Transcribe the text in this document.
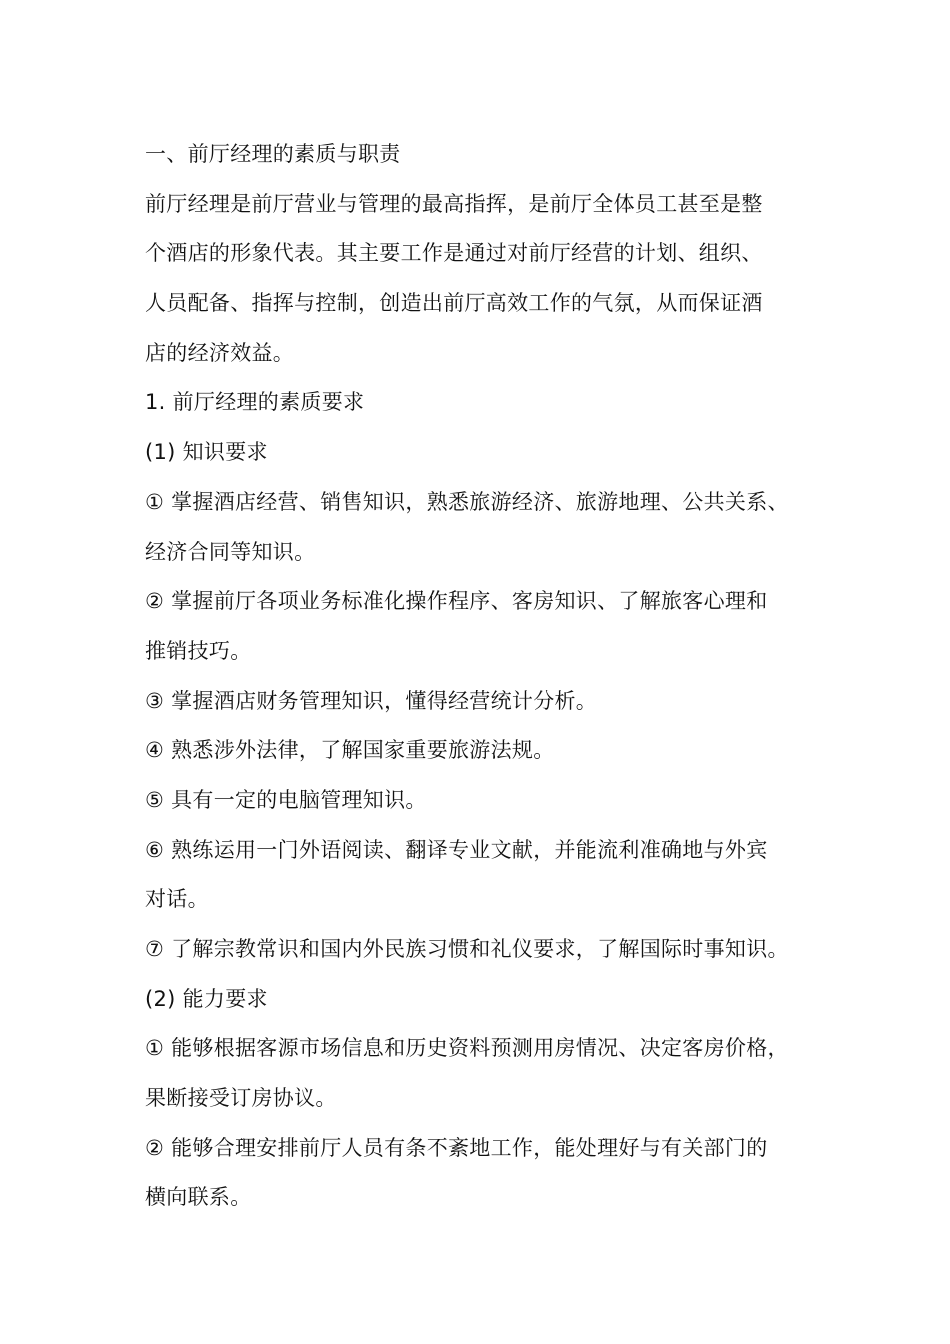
一、前厅经理的素质与职责
前厅经理是前厅营业与管理的最高指挥，是前厅全体员工甚至是整
个酒店的形象代表。其主要工作是通过对前厅经营的计划、组织、
人员配备、指挥与控制，创造出前厅高效工作的气氛，从而保证酒
店的经济效益。
1. 前厅经理的素质要求
(1) 知识要求
① 掌握酒店经营、销售知识，熟悉旅游经济、旅游地理、公共关系、
经济合同等知识。
② 掌握前厅各项业务标准化操作程序、客房知识、了解旅客心理和
推销技巧。
③ 掌握酒店财务管理知识，懂得经营统计分析。
④ 熟悉涉外法律，了解国家重要旅游法规。
⑤ 具有一定的电脑管理知识。
⑥ 熟练运用一门外语阅读、翻译专业文献，并能流利准确地与外宾
对话。
⑦ 了解宗教常识和国内外民族习惯和礼仪要求，了解国际时事知识。
(2) 能力要求
① 能够根据客源市场信息和历史资料预测用房情况、决定客房价格，
果断接受订房协议。
② 能够合理安排前厅人员有条不紊地工作，能处理好与有关部门的
横向联系。
